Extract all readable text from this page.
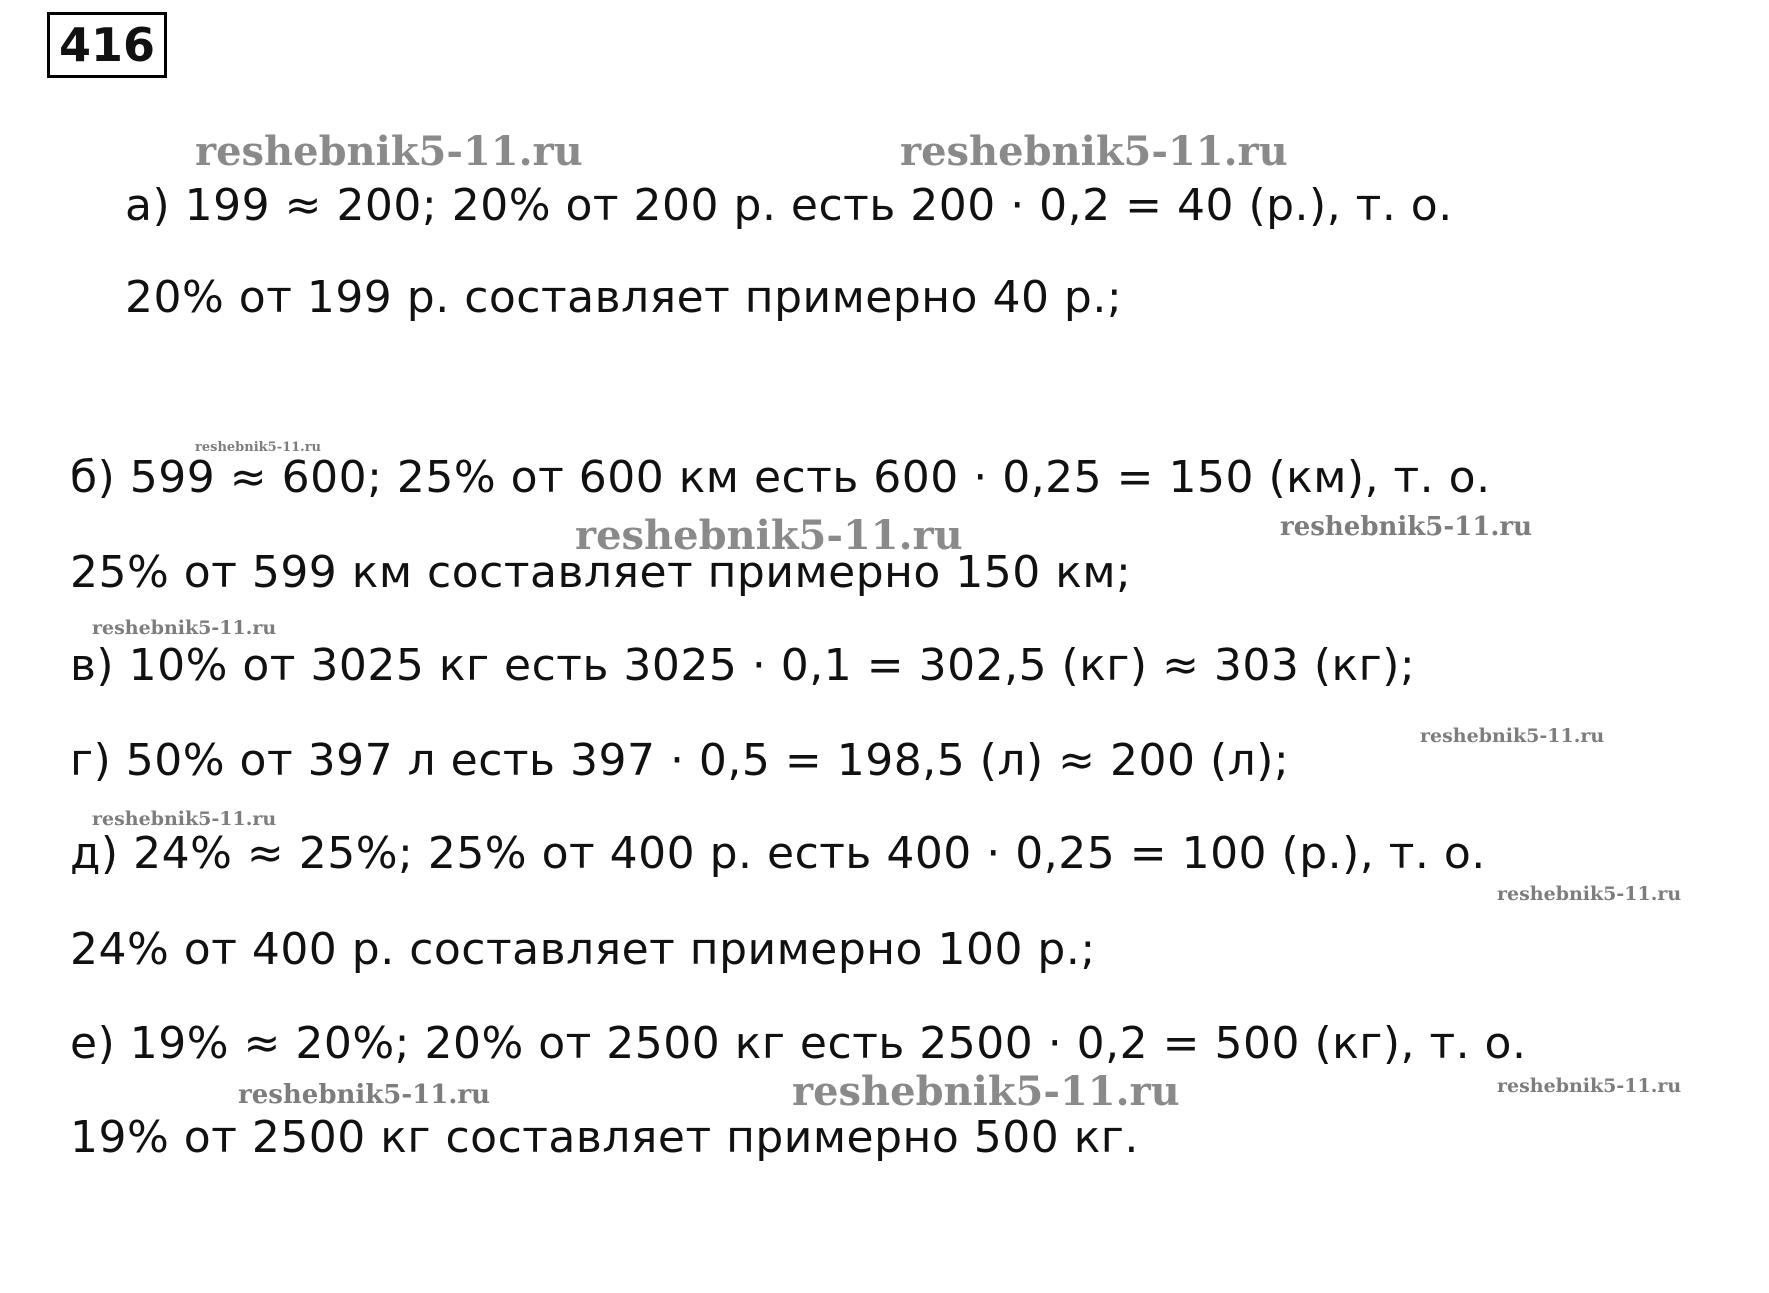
416
reshebnik5-11.ru	reshebnik5-11.ru
reshebnik5-11.ru
reshebnik5-11.ru	reshebnik5-11.ru
reshebnik5-11.ru
reshebnik5-11.ru
reshebnik5-11.ru
reshebnik5-11.ru
reshebnik5-11.ru	reshebnik5-11.ru	reshebnik5-11.ru
а) 199 ≈ 200; 20% от 200 р. есть 200 · 0,2 = 40 (р.), т. о.
20% от 199 р. составляет примерно 40 р.;
б) 599 ≈ 600; 25% от 600 км есть 600 · 0,25 = 150 (км), т. о.
25% от 599 км составляет примерно 150 км;
в) 10% от 3025 кг есть 3025 · 0,1 = 302,5 (кг) ≈ 303 (кг);
г) 50% от 397 л есть 397 · 0,5 = 198,5 (л) ≈ 200 (л);
д) 24% ≈ 25%; 25% от 400 р. есть 400 · 0,25 = 100 (р.), т. о.
24% от 400 р. составляет примерно 100 р.;
е) 19% ≈ 20%; 20% от 2500 кг есть 2500 · 0,2 = 500 (кг), т. о.
19% от 2500 кг составляет примерно 500 кг.
